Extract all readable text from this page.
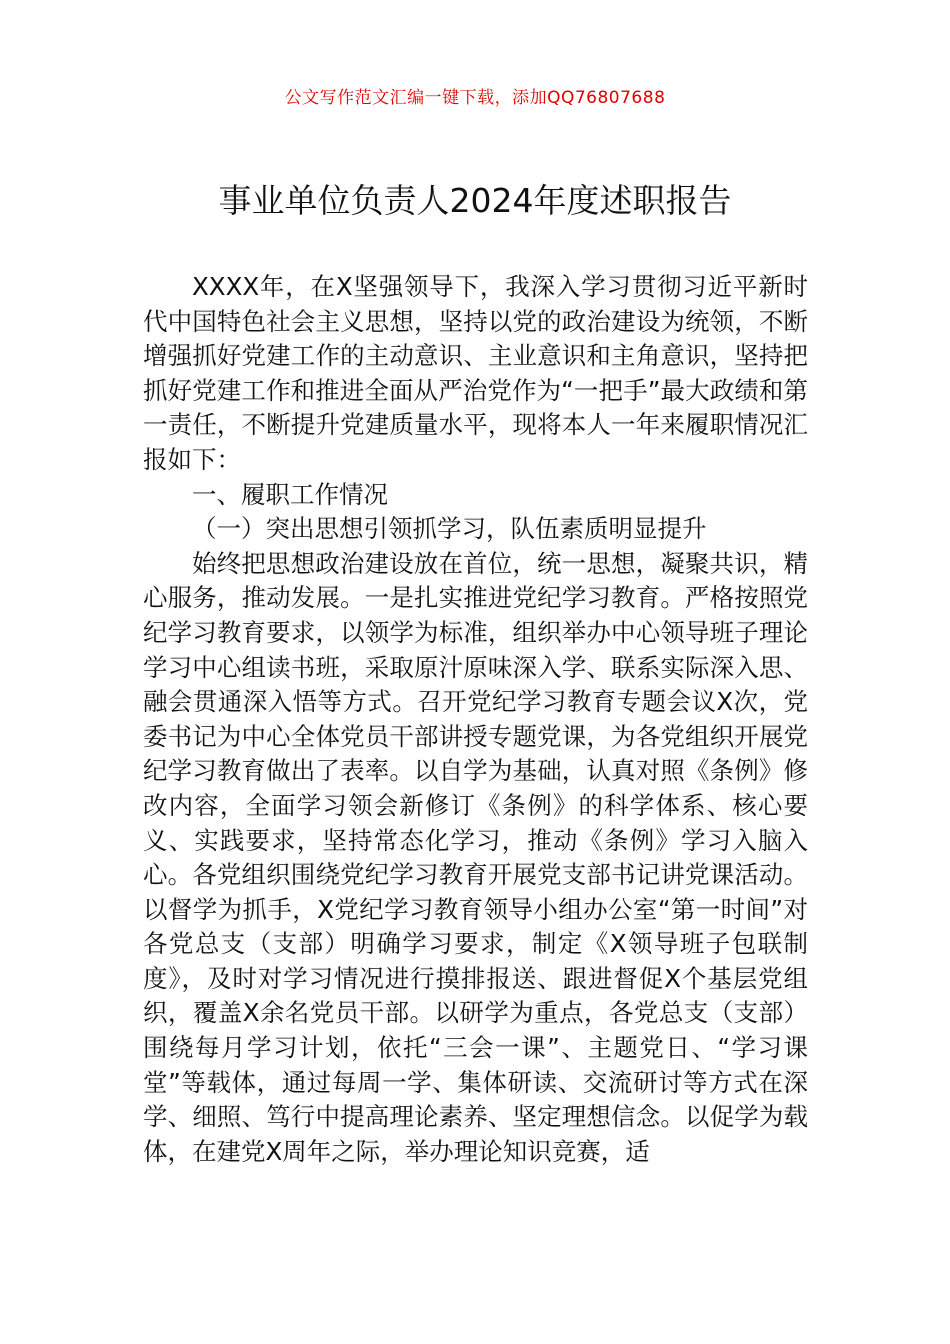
公文写作范文汇编一键下载，添加QQ76807688
事业单位负责人2024年度述职报告

XXXX年，在X坚强领导下，我深入学习贯彻习近平新时代中国特色社会主义思想，坚持以党的政治建设为统领，不断增强抓好党建工作的主动意识、主业意识和主角意识，坚持把抓好党建工作和推进全面从严治党作为“一把手”最大政绩和第一责任，不断提升党建质量水平，现将本人一年来履职情况汇报如下：

一、履职工作情况

（一）突出思想引领抓学习，队伍素质明显提升

始终把思想政治建设放在首位，统一思想，凝聚共识，精心服务，推动发展。一是扎实推进党纪学习教育。严格按照党纪学习教育要求，以领学为标准，组织举办中心领导班子理论学习中心组读书班，采取原汁原味深入学、联系实际深入思、融会贯通深入悟等方式。召开党纪学习教育专题会议X次，党委书记为中心全体党员干部讲授专题党课，为各党组织开展党纪学习教育做出了表率。以自学为基础，认真对照《条例》修改内容，全面学习领会新修订《条例》的科学体系、核心要义、实践要求，坚持常态化学习，推动《条例》学习入脑入心。各党组织围绕党纪学习教育开展党支部书记讲党课活动。以督学为抓手，X党纪学习教育领导小组办公室“第一时间”对各党总支（支部）明确学习要求，制定《X领导班子包联制度》，及时对学习情况进行摸排报送、跟进督促X个基层党组织，覆盖X余名党员干部。以研学为重点，各党总支（支部）围绕每月学习计划，依托“三会一课”、主题党日、“学习课堂”等载体，通过每周一学、集体研读、交流研讨等方式在深学、细照、笃行中提高理论素养、坚定理想信念。以促学为载体，在建党X周年之际，举办理论知识竞赛，适
